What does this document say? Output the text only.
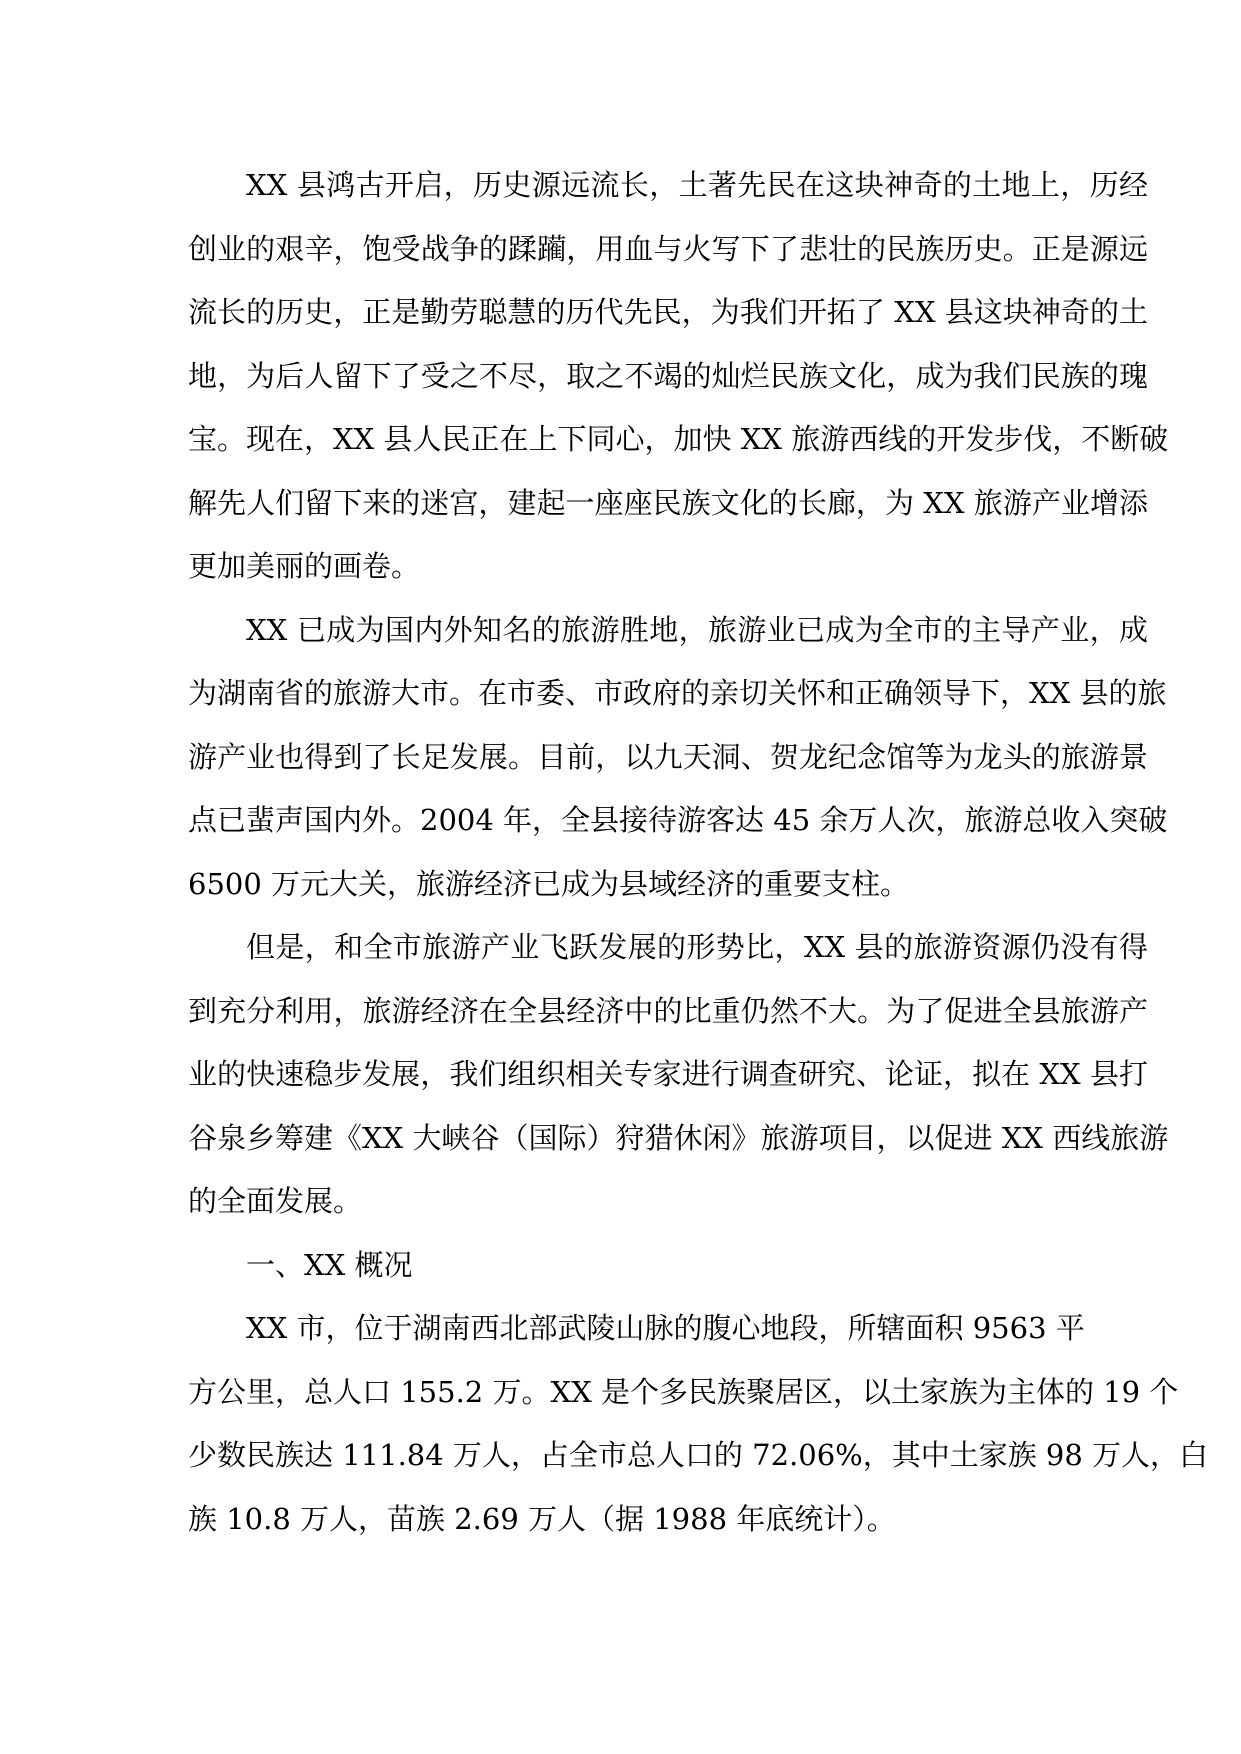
XX 县鸿古开启，历史源远流长，土著先民在这块神奇的土地上，历经
创业的艰辛，饱受战争的蹂躏，用血与火写下了悲壮的民族历史。正是源远
流长的历史，正是勤劳聪慧的历代先民，为我们开拓了 XX 县这块神奇的土
地，为后人留下了受之不尽，取之不竭的灿烂民族文化，成为我们民族的瑰
宝。现在，XX 县人民正在上下同心，加快 XX 旅游西线的开发步伐，不断破
解先人们留下来的迷宫，建起一座座民族文化的长廊，为 XX 旅游产业增添
更加美丽的画卷。
XX 已成为国内外知名的旅游胜地，旅游业已成为全市的主导产业，成
为湖南省的旅游大市。在市委、市政府的亲切关怀和正确领导下，XX 县的旅
游产业也得到了长足发展。目前，以九天洞、贺龙纪念馆等为龙头的旅游景
点已蜚声国内外。2004 年，全县接待游客达 45 余万人次，旅游总收入突破
6500 万元大关，旅游经济已成为县域经济的重要支柱。
但是，和全市旅游产业飞跃发展的形势比，XX 县的旅游资源仍没有得
到充分利用，旅游经济在全县经济中的比重仍然不大。为了促进全县旅游产
业的快速稳步发展，我们组织相关专家进行调查研究、论证，拟在 XX 县打
谷泉乡筹建《XX 大峡谷（国际）狩猎休闲》旅游项目，以促进 XX 西线旅游
的全面发展。
一、XX 概况
XX 市，位于湖南西北部武陵山脉的腹心地段，所辖面积 9563 平
方公里，总人口 155.2 万。XX 是个多民族聚居区，以土家族为主体的 19 个
少数民族达 111.84 万人，占全市总人口的 72.06%，其中土家族 98 万人，白
族 10.8 万人，苗族 2.69 万人（据 1988 年底统计）。
